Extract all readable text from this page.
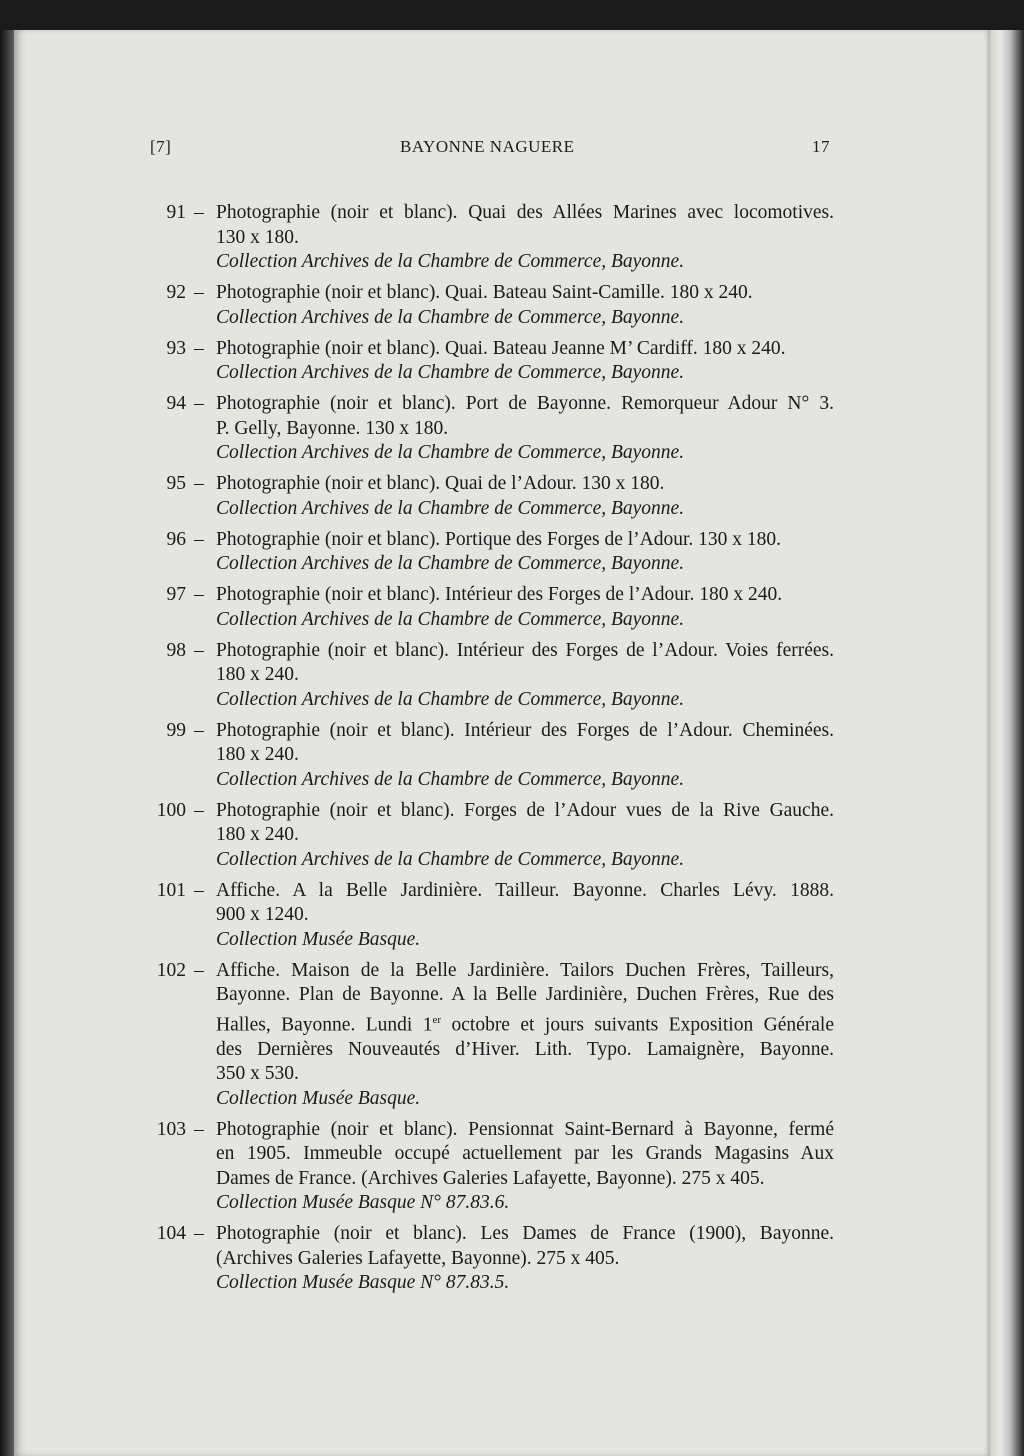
[7]	BAYONNE NAGUERE	17
91 – Photographie (noir et blanc). Quai des Allées Marines avec locomotives.
130 x 180.
Collection Archives de la Chambre de Commerce, Bayonne.
92 – Photographie (noir et blanc). Quai. Bateau Saint-Camille. 180 x 240.
Collection Archives de la Chambre de Commerce, Bayonne.
93 – Photographie (noir et blanc). Quai. Bateau Jeanne M’ Cardiff. 180 x 240.
Collection Archives de la Chambre de Commerce, Bayonne.
94 – Photographie (noir et blanc). Port de Bayonne. Remorqueur Adour N° 3.
P. Gelly, Bayonne. 130 x 180.
Collection Archives de la Chambre de Commerce, Bayonne.
95 – Photographie (noir et blanc). Quai de l’Adour. 130 x 180.
Collection Archives de la Chambre de Commerce, Bayonne.
96 – Photographie (noir et blanc). Portique des Forges de l’Adour. 130 x 180.
Collection Archives de la Chambre de Commerce, Bayonne.
97 – Photographie (noir et blanc). Intérieur des Forges de l’Adour. 180 x 240.
Collection Archives de la Chambre de Commerce, Bayonne.
98 – Photographie (noir et blanc). Intérieur des Forges de l’Adour. Voies ferrées.
180 x 240.
Collection Archives de la Chambre de Commerce, Bayonne.
99 – Photographie (noir et blanc). Intérieur des Forges de l’Adour. Cheminées.
180 x 240.
Collection Archives de la Chambre de Commerce, Bayonne.
100 – Photographie (noir et blanc). Forges de l’Adour vues de la Rive Gauche.
180 x 240.
Collection Archives de la Chambre de Commerce, Bayonne.
101 – Affiche. A la Belle Jardinière. Tailleur. Bayonne. Charles Lévy. 1888.
900 x 1240.
Collection Musée Basque.
102 – Affiche. Maison de la Belle Jardinière. Tailors Duchen Frères, Tailleurs,
Bayonne. Plan de Bayonne. A la Belle Jardinière, Duchen Frères, Rue des
Halles, Bayonne. Lundi 1er octobre et jours suivants Exposition Générale
des Dernières Nouveautés d’Hiver. Lith. Typo. Lamaignère, Bayonne.
350 x 530.
Collection Musée Basque.
103 – Photographie (noir et blanc). Pensionnat Saint-Bernard à Bayonne, fermé
en 1905. Immeuble occupé actuellement par les Grands Magasins Aux
Dames de France. (Archives Galeries Lafayette, Bayonne). 275 x 405.
Collection Musée Basque N° 87.83.6.
104 – Photographie (noir et blanc). Les Dames de France (1900), Bayonne.
(Archives Galeries Lafayette, Bayonne). 275 x 405.
Collection Musée Basque N° 87.83.5.
